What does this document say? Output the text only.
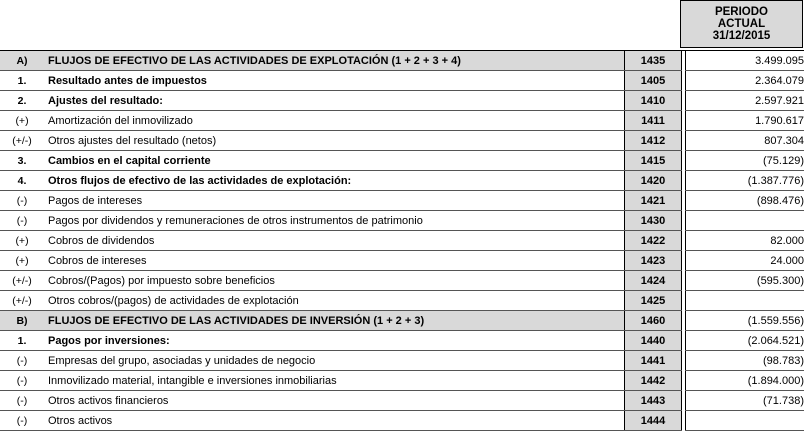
PERIODO
ACTUAL
31/12/2015
A)	FLUJOS DE EFECTIVO DE LAS ACTIVIDADES DE EXPLOTACIÓN (1 + 2 + 3 + 4)	1435		3.499.095
1.	Resultado antes de impuestos	1405		2.364.079
2.	Ajustes del resultado:	1410		2.597.921
(+)	Amortización del inmovilizado	1411		1.790.617
(+/-)	Otros ajustes del resultado (netos)	1412		807.304
3.	Cambios en el capital corriente	1415		(75.129)
4.	Otros flujos de efectivo de las actividades de explotación:	1420		(1.387.776)
(-)	Pagos de intereses	1421		(898.476)
(-)	Pagos por dividendos y remuneraciones de otros instrumentos de patrimonio	1430		
(+)	Cobros de dividendos	1422		82.000
(+)	Cobros de intereses	1423		24.000
(+/-)	Cobros/(Pagos) por impuesto sobre beneficios	1424		(595.300)
(+/-)	Otros cobros/(pagos) de actividades de explotación	1425		
B)	FLUJOS DE EFECTIVO DE LAS ACTIVIDADES DE INVERSIÓN (1 + 2 + 3)	1460		(1.559.556)
1.	Pagos por inversiones:	1440		(2.064.521)
(-)	Empresas del grupo, asociadas y unidades de negocio	1441		(98.783)
(-)	Inmovilizado material, intangible e inversiones inmobiliarias	1442		(1.894.000)
(-)	Otros activos financieros	1443		(71.738)
(-)	Otros activos	1444		
